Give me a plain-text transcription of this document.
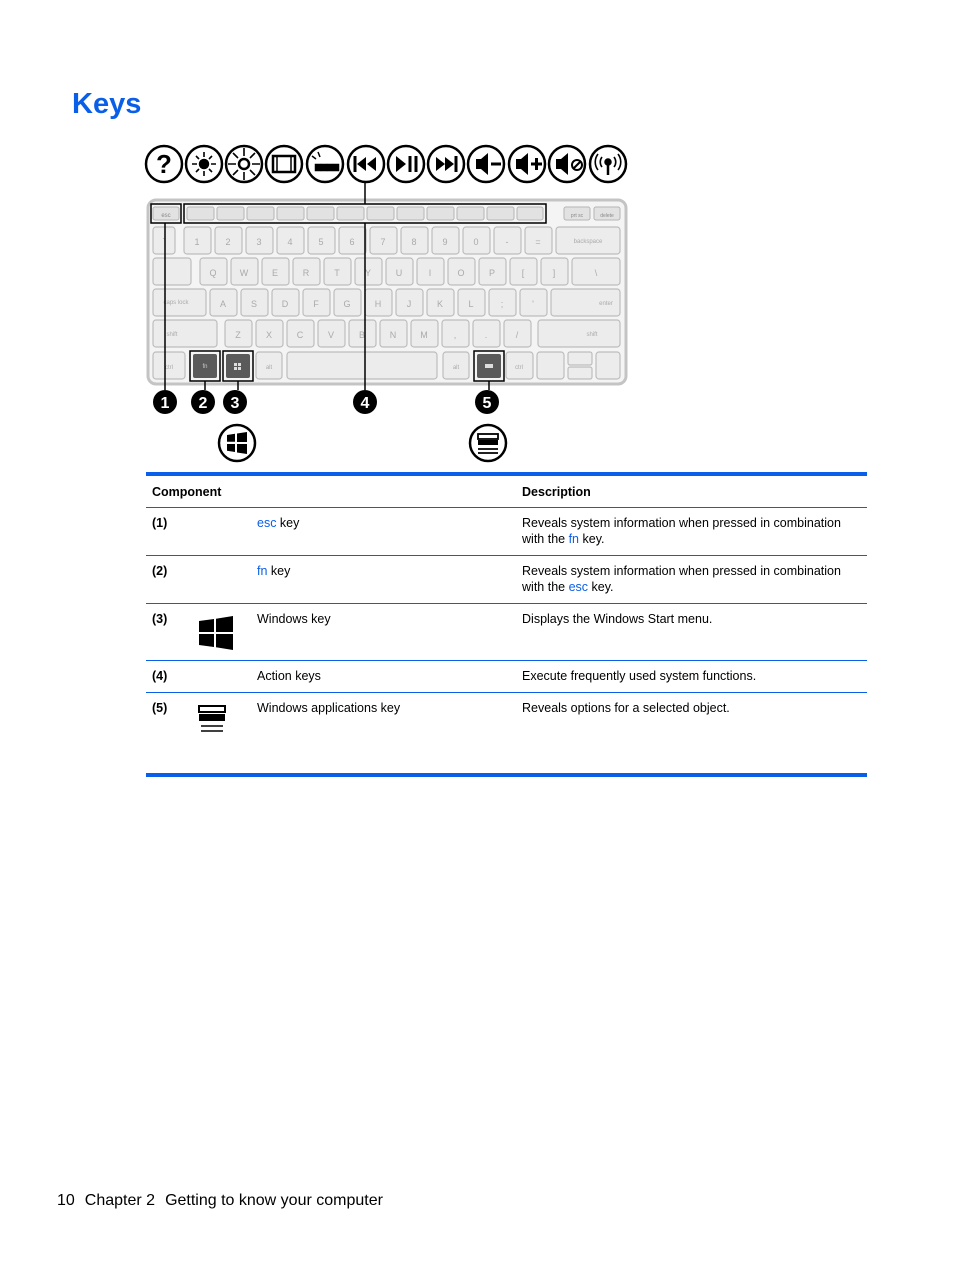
Keys
?
esc	prt sc	delete
`	1	2	3	4	5	6	7	8	9	0	-	=	backspace
Q	W	E	R	T	Y	U	I	O	P	[	]	\
caps lock	A	S	D	F	G	H	J	K	L	;	'	enter
shift	Z	X	C	V	B	N	M	,	.	/	shift
ctrl	alt	alt	ctrl
fn
1 2 3	4	5
Component			Description
(1)		esc key	Reveals system information when pressed in combination with the fn key.
(2)		fn key	Reveals system information when pressed in combination with the esc key.
(3)		Windows key	Displays the Windows Start menu.
(4)		Action keys	Execute frequently used system functions.
(5)		Windows applications key	Reveals options for a selected object.
10 Chapter 2 Getting to know your computer
